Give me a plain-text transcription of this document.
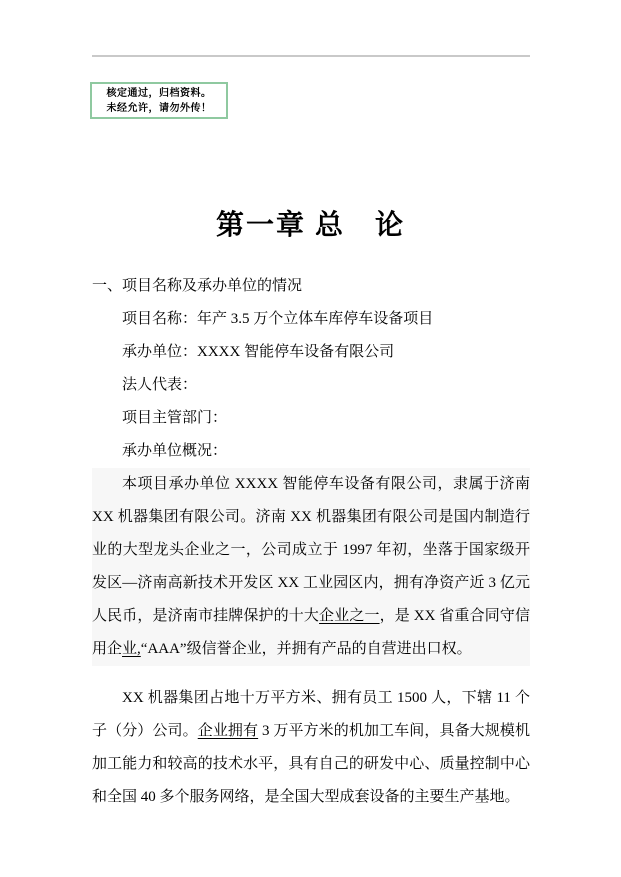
核定通过，归档资料。
未经允许，请勿外传！
第一章 总　论
一、项目名称及承办单位的情况
项目名称：年产 3.5 万个立体车库停车设备项目
承办单位：XXXX 智能停车设备有限公司
法人代表：
项目主管部门：
承办单位概况：
本项目承办单位 XXXX 智能停车设备有限公司，隶属于济南XX 机器集团有限公司。济南 XX 机器集团有限公司是国内制造行业的大型龙头企业之一，公司成立于 1997 年初，坐落于国家级开发区—济南高新技术开发区 XX 工业园区内，拥有净资产近 3 亿元人民币，是济南市挂牌保护的十大企业之一，是 XX 省重合同守信用企业,“AAA”级信誉企业，并拥有产品的自营进出口权。
XX 机器集团占地十万平方米、拥有员工 1500 人，下辖 11 个子（分）公司。企业拥有 3 万平方米的机加工车间，具备大规模机加工能力和较高的技术水平，具有自己的研发中心、质量控制中心和全国 40 多个服务网络，是全国大型成套设备的主要生产基地。
